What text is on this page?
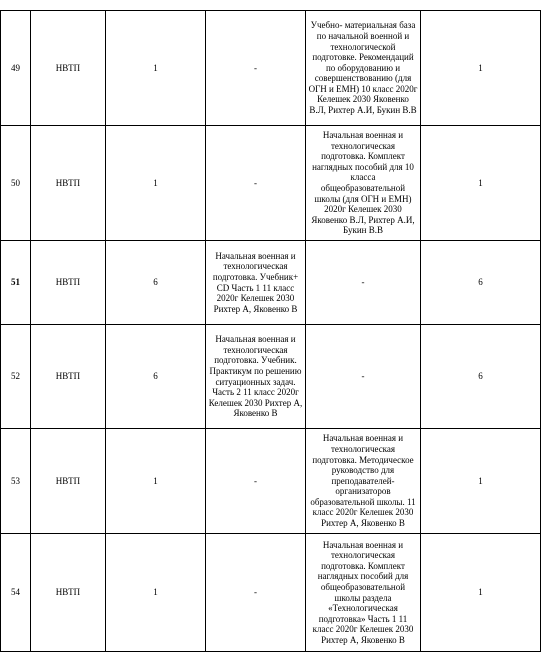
49	НВТП	1	-	Учебно- материальная база по начальной военной и технологической подготовке. Рекомендаций по оборудованию и совершенствованию (для ОГН и ЕМН) 10 класс 2020г Келешек 2030 Яковенко В.Л, Рихтер А.И, Букин В.В	1
50	НВТП	1	-	Начальная военная и технологическая подготовка. Комплект наглядных пособий для 10 класса общеобразовательной школы (для ОГН и ЕМН) 2020г Келешек 2030 Яковенко В.Л, Рихтер А.И, Букин В.В	1
51	НВТП	6	Начальная военная и технологическая подготовка. Учебник+ CD Часть 1 11 класс 2020г Келешек 2030 Рихтер А, Яковенко В	-	6
52	НВТП	6	Начальная военная и технологическая подготовка. Учебник. Практикум по решению ситуационных задач. Часть 2 11 класс 2020г Келешек 2030 Рихтер А, Яковенко В	-	6
53	НВТП	1	-	Начальная военная и технологическая подготовка. Методическое руководство для преподавателей-организаторов образовательной школы. 11 класс 2020г Келешек 2030 Рихтер А, Яковенко В	1
54	НВТП	1	-	Начальная военная и технологическая подготовка. Комплект наглядных пособий для общеобразовательной школы раздела «Технологическая подготовка» Часть 1 11 класс 2020г Келешек 2030 Рихтер А, Яковенко В	1
